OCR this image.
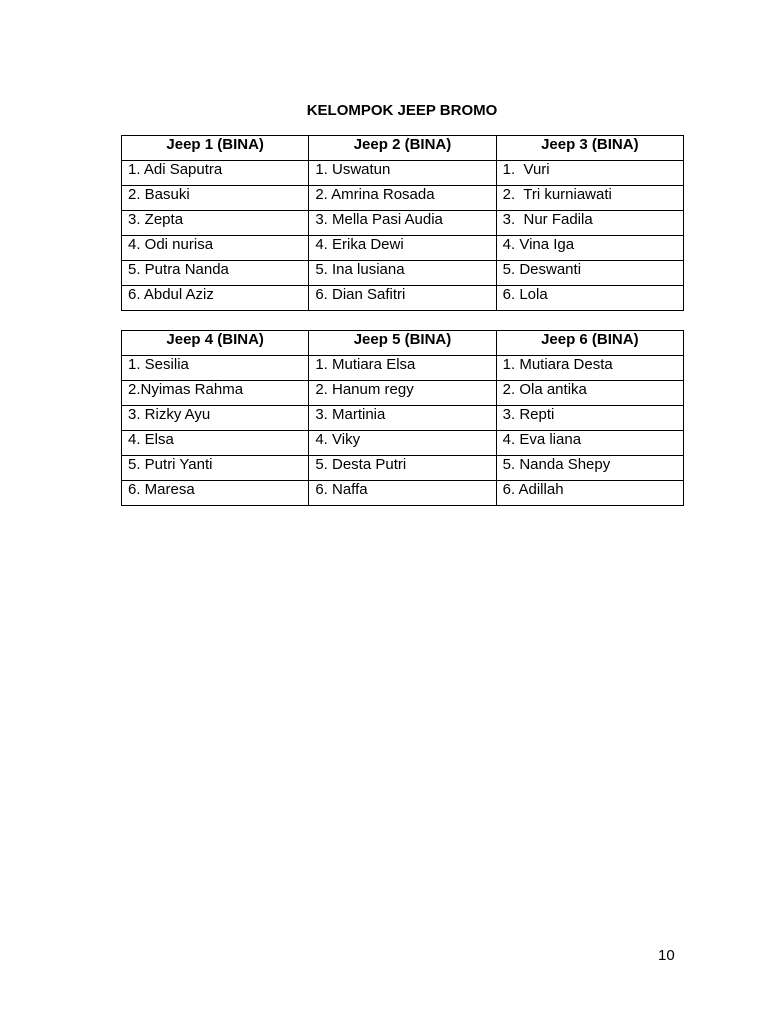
KELOMPOK JEEP BROMO
Jeep 1 (BINA)	Jeep 2 (BINA)	Jeep 3 (BINA)
1. Adi Saputra	1. Uswatun	1.  Vuri
2. Basuki	2. Amrina Rosada	2.  Tri kurniawati
3. Zepta	3. Mella Pasi Audia	3.  Nur Fadila
4. Odi nurisa	4. Erika Dewi	4. Vina Iga
5. Putra Nanda	5. Ina lusiana	5. Deswanti
6. Abdul Aziz	6. Dian Safitri	6. Lola
Jeep 4 (BINA)	Jeep 5 (BINA)	Jeep 6 (BINA)
1. Sesilia	1. Mutiara Elsa	1. Mutiara Desta
2.Nyimas Rahma	2. Hanum regy	2. Ola antika
3. Rizky Ayu	3. Martinia	3. Repti
4. Elsa	4. Viky	4. Eva liana
5. Putri Yanti	5. Desta Putri	5. Nanda Shepy
6. Maresa	6. Naffa	6. Adillah
10
